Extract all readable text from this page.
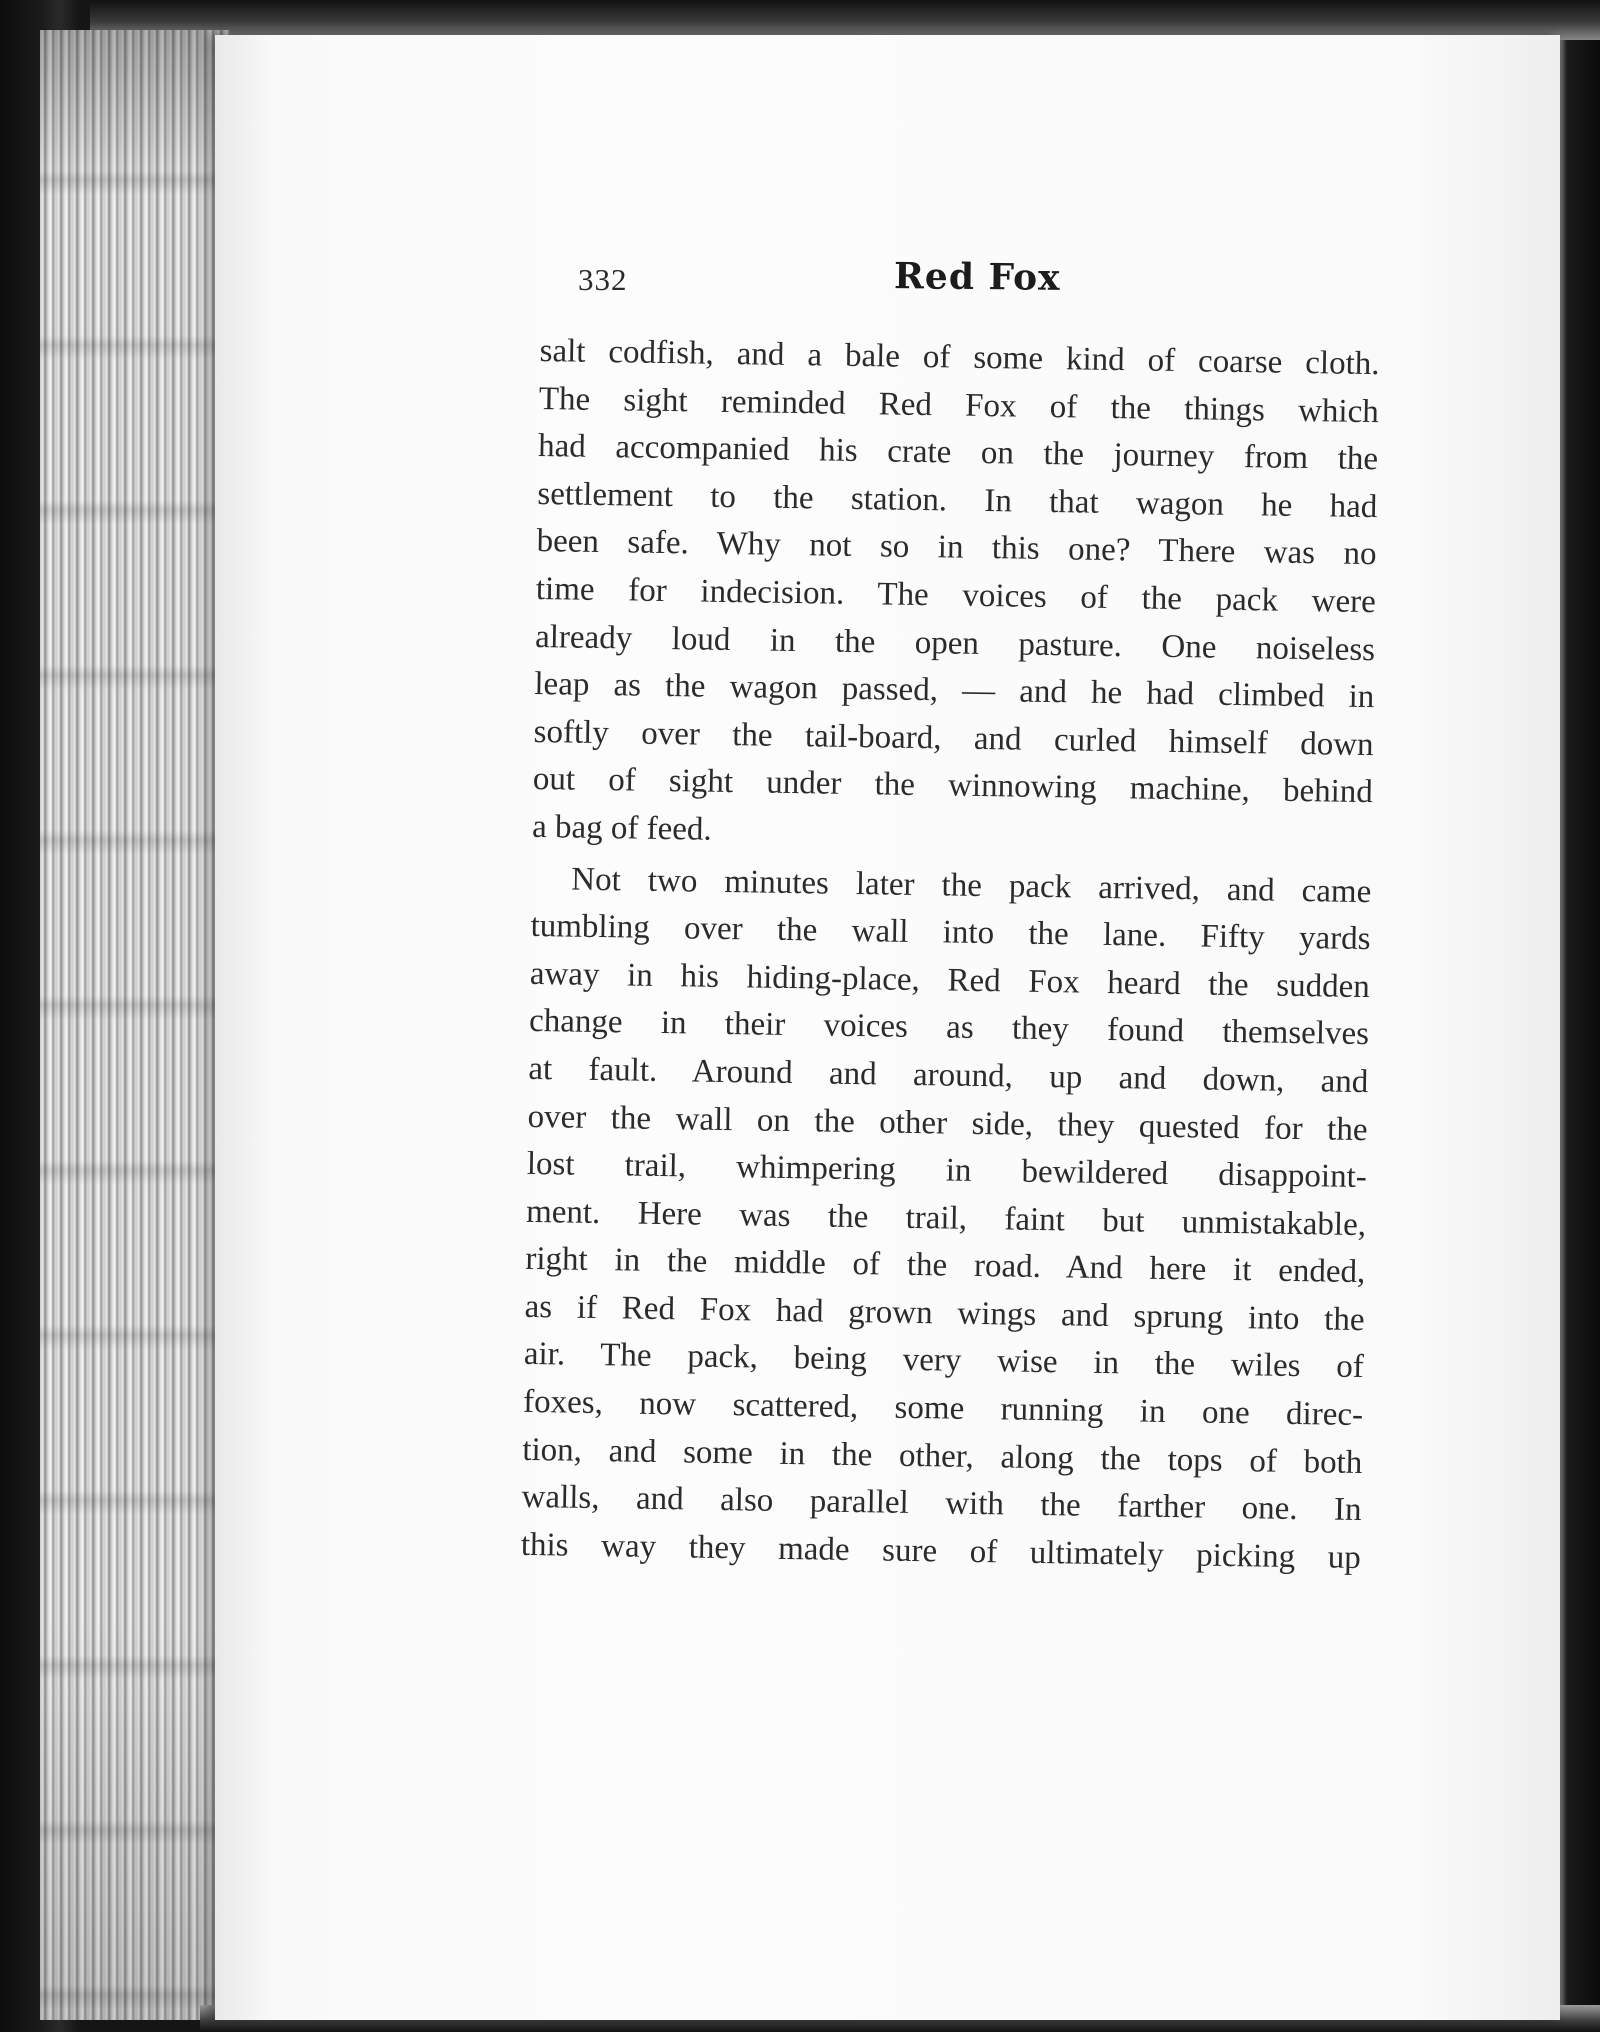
332	Red Fox
salt codfish, and a bale of some kind of coarse cloth.
The sight reminded Red Fox of the things which
had accompanied his crate on the journey from the
settlement to the station. In that wagon he had
been safe. Why not so in this one? There was no
time for indecision. The voices of the pack were
already loud in the open pasture. One noiseless
leap as the wagon passed, — and he had climbed in
softly over the tail-board, and curled himself down
out of sight under the winnowing machine, behind
a bag of feed.
Not two minutes later the pack arrived, and came
tumbling over the wall into the lane. Fifty yards
away in his hiding-place, Red Fox heard the sudden
change in their voices as they found themselves
at fault. Around and around, up and down, and
over the wall on the other side, they quested for the
lost trail, whimpering in bewildered disappoint-
ment. Here was the trail, faint but unmistakable,
right in the middle of the road. And here it ended,
as if Red Fox had grown wings and sprung into the
air. The pack, being very wise in the wiles of
foxes, now scattered, some running in one direc-
tion, and some in the other, along the tops of both
walls, and also parallel with the farther one. In
this way they made sure of ultimately picking up
